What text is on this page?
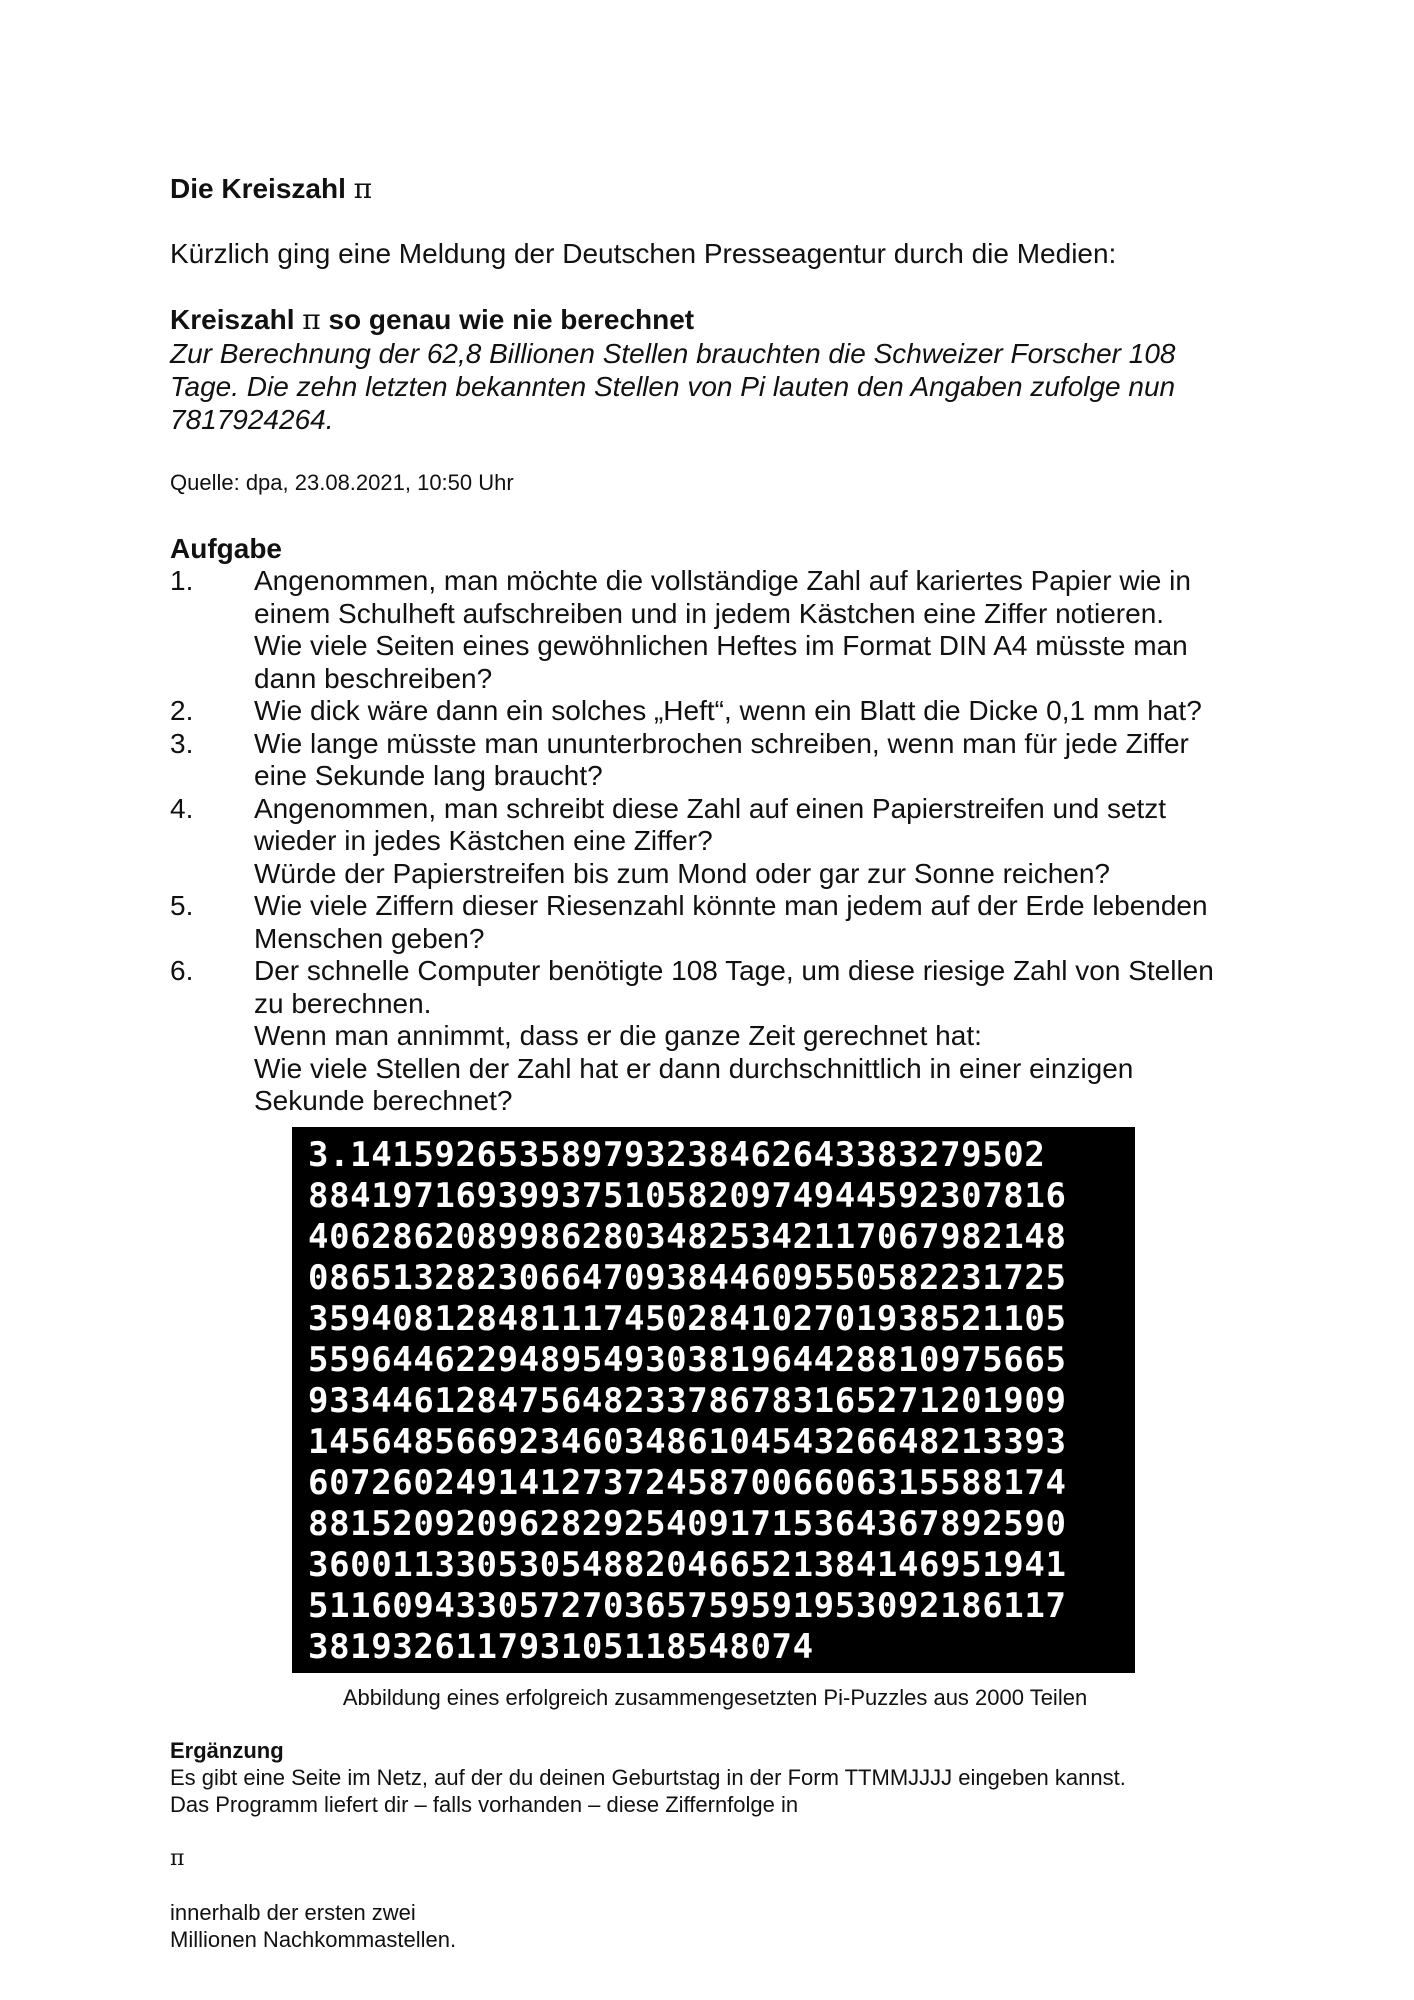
Die Kreiszahl π
Kürzlich ging eine Meldung der Deutschen Presseagentur durch die Medien:
Kreiszahl π so genau wie nie berechnet
Zur Berechnung der 62,8 Billionen Stellen brauchten die Schweizer Forscher 108
Tage. Die zehn letzten bekannten Stellen von Pi lauten den Angaben zufolge nun
7817924264.
Quelle: dpa, 23.08.2021, 10:50 Uhr
Aufgabe
1.	Angenommen, man möchte die vollständige Zahl auf kariertes Papier wie in
einem Schulheft aufschreiben und in jedem Kästchen eine Ziffer notieren.
Wie viele Seiten eines gewöhnlichen Heftes im Format DIN A4 müsste man
dann beschreiben?
2.	Wie dick wäre dann ein solches „Heft“, wenn ein Blatt die Dicke 0,1 mm hat?
3.	Wie lange müsste man ununterbrochen schreiben, wenn man für jede Ziffer
eine Sekunde lang braucht?
4.	Angenommen, man schreibt diese Zahl auf einen Papierstreifen und setzt
wieder in jedes Kästchen eine Ziffer?
Würde der Papierstreifen bis zum Mond oder gar zur Sonne reichen?
5.	Wie viele Ziffern dieser Riesenzahl könnte man jedem auf der Erde lebenden
Menschen geben?
6.	Der schnelle Computer benötigte 108 Tage, um diese riesige Zahl von Stellen
zu berechnen.
Wenn man annimmt, dass er die ganze Zeit gerechnet hat:
Wie viele Stellen der Zahl hat er dann durchschnittlich in einer einzigen
Sekunde berechnet?
3.141592653589793238462643383279502
884197169399375105820974944592307816
406286208998628034825342117067982148
086513282306647093844609550582231725
359408128481117450284102701938521105
559644622948954930381964428810975665
933446128475648233786783165271201909
145648566923460348610454326648213393
607260249141273724587006606315588174
881520920962829254091715364367892590
360011330530548820466521384146951941
511609433057270365759591953092186117
381932611793105118548074
Abbildung eines erfolgreich zusammengesetzten Pi-Puzzles aus 2000 Teilen
Ergänzung
Es gibt eine Seite im Netz, auf der du deinen Geburtstag in der Form TTMMJJJJ eingeben kannst.
Das Programm liefert dir – falls vorhanden – diese Ziffernfolge in

π

innerhalb der ersten zwei
Millionen Nachkommastellen.
